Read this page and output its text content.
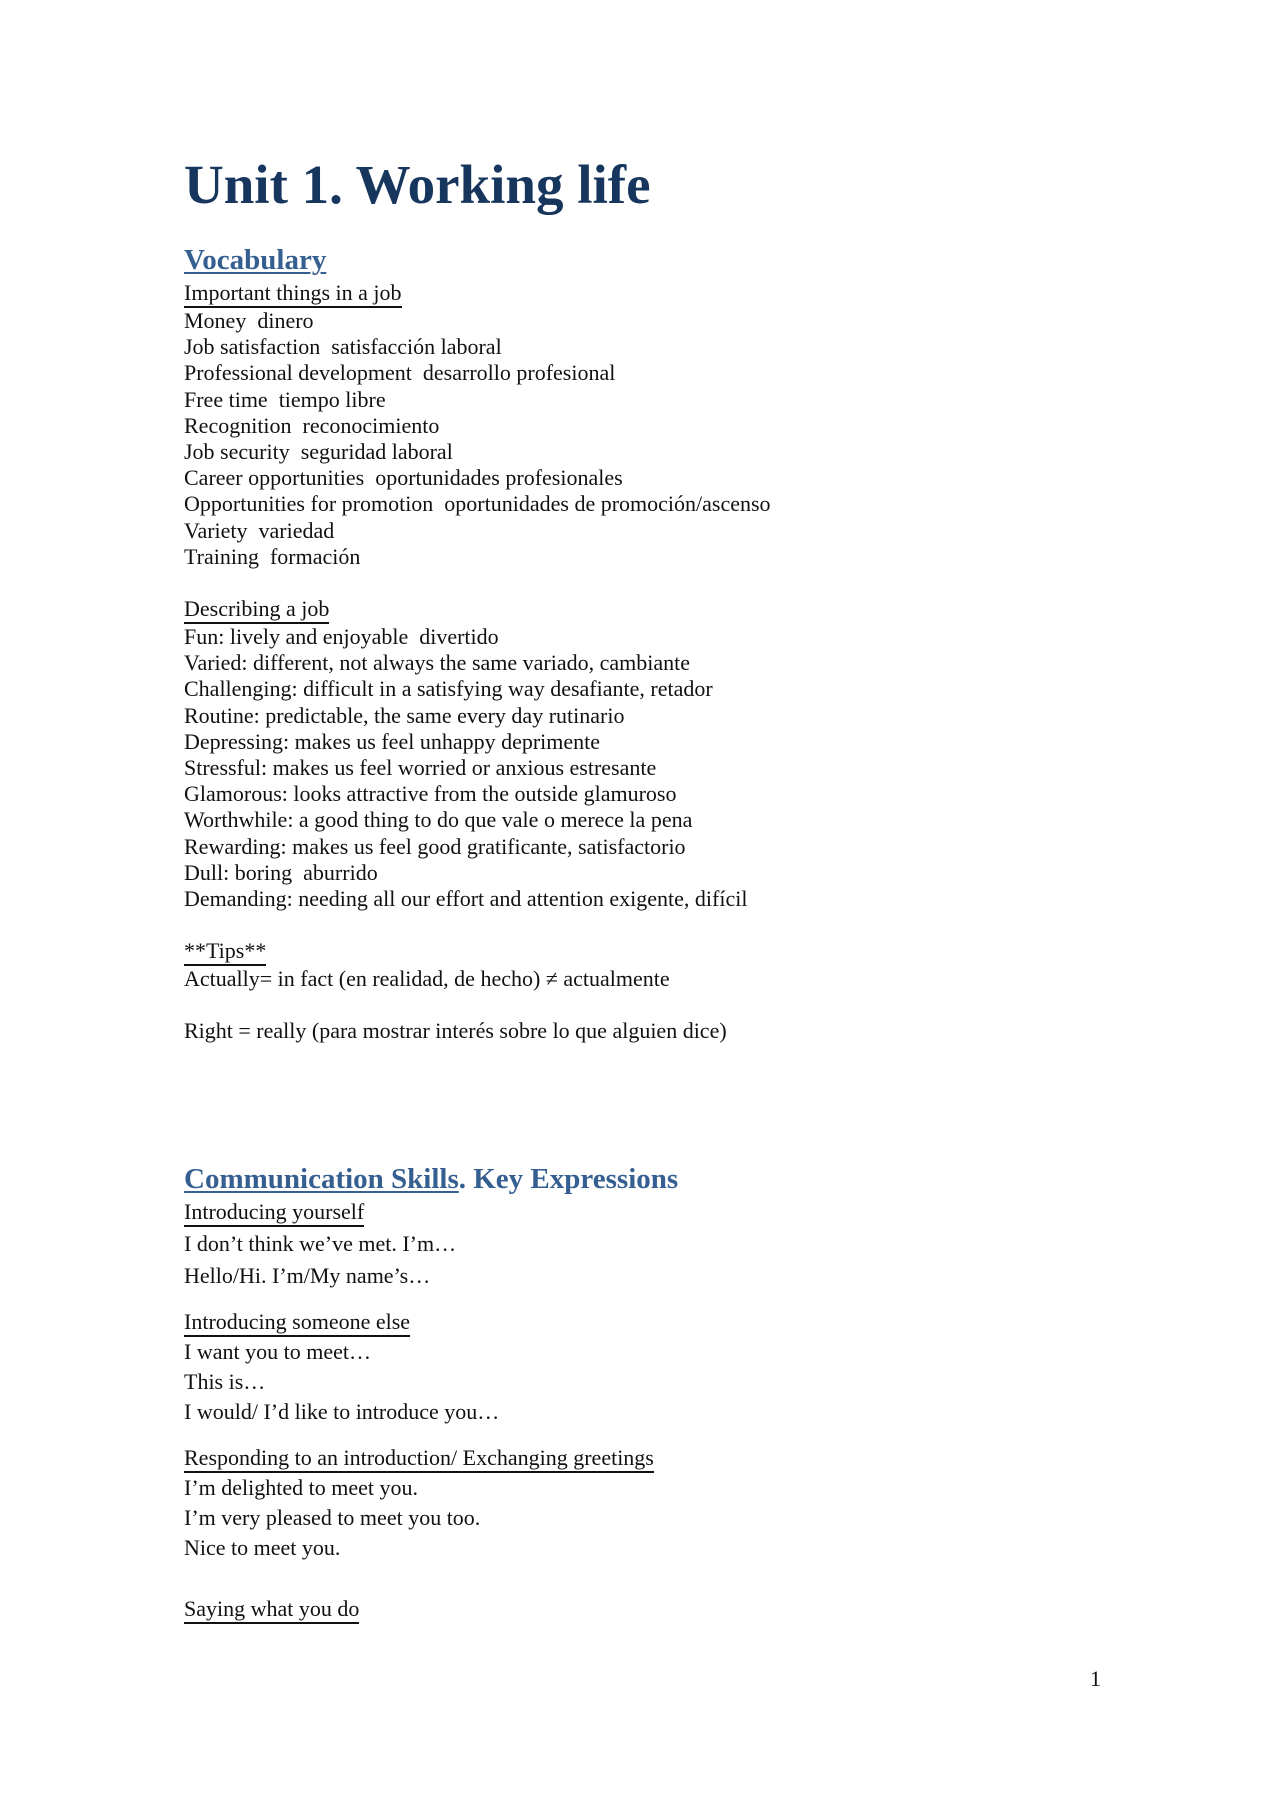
Unit 1. Working life
Vocabulary
Important things in a job
Money  dinero
Job satisfaction  satisfacción laboral
Professional development  desarrollo profesional
Free time  tiempo libre
Recognition  reconocimiento
Job security  seguridad laboral
Career opportunities  oportunidades profesionales
Opportunities for promotion  oportunidades de promoción/ascenso
Variety  variedad
Training  formación
Describing a job
Fun: lively and enjoyable  divertido
Varied: different, not always the same variado, cambiante
Challenging: difficult in a satisfying way desafiante, retador
Routine: predictable, the same every day rutinario
Depressing: makes us feel unhappy deprimente
Stressful: makes us feel worried or anxious estresante
Glamorous: looks attractive from the outside glamuroso
Worthwhile: a good thing to do que vale o merece la pena
Rewarding: makes us feel good gratificante, satisfactorio
Dull: boring  aburrido
Demanding: needing all our effort and attention exigente, difícil
**Tips**
Actually= in fact (en realidad, de hecho) ≠ actualmente
Right = really (para mostrar interés sobre lo que alguien dice)
Communication Skills. Key Expressions
Introducing yourself
I don’t think we’ve met. I’m…
Hello/Hi. I’m/My name’s…
Introducing someone else
I want you to meet…
This is…
I would/ I’d like to introduce you…
Responding to an introduction/ Exchanging greetings
I’m delighted to meet you.
I’m very pleased to meet you too.
Nice to meet you.
Saying what you do
1
